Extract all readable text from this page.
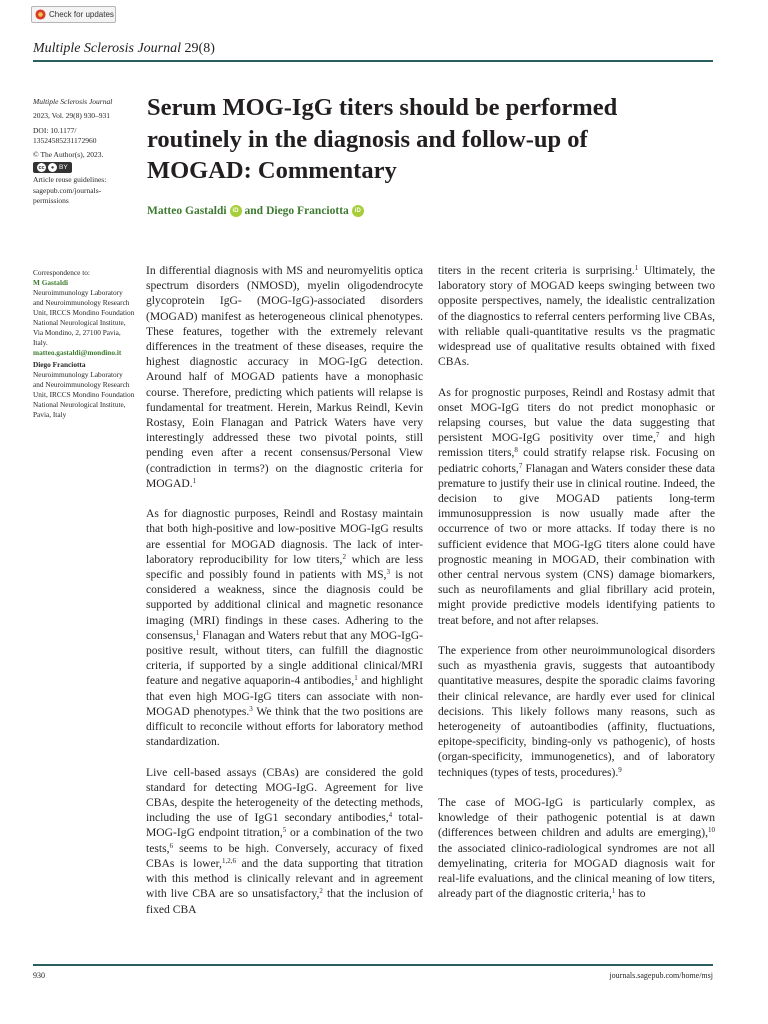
Check for updates
Multiple Sclerosis Journal 29(8)

Multiple Sclerosis Journal

2023, Vol. 29(8) 930–931

DOI: 10.1177/

13524585231172960

© The Author(s), 2023.

cc	● BY

Article reuse guidelines:

sagepub.com/journals-

permissions

Correspondence to:

M Gastaldi

Neuroimmunology Laboratory and Neuroimmunology Research Unit, IRCCS Mondino Foundation National Neurological Institute, Via Mondino, 2, 27100 Pavia, Italy.

matteo.gastaldi@mondino.it

Diego Franciotta

Neuroimmunology Laboratory and Neuroimmunology Research Unit, IRCCS Mondino Foundation National Neurological Institute, Pavia, Italy

Serum MOG-IgG titers should be performed routinely in the diagnosis and follow-up of MOGAD: Commentary
Matteo Gastaldi	iD and Diego Franciotta	iD

In differential diagnosis with MS and neuromyelitis optica spectrum disorders (NMOSD), myelin oligodendrocyte glycoprotein IgG- (MOG-IgG)-associated disorders (MOGAD) manifest as heterogeneous clinical phenotypes. These features, together with the extremely relevant differences in the treatment of these diseases, require the highest diagnostic accuracy in MOG-IgG detection. Around half of MOGAD patients have a monophasic course. Therefore, predicting which patients will relapse is fundamental for treatment. Herein, Markus Reindl, Kevin Rostasy, Eoin Flanagan and Patrick Waters have very interestingly addressed these two pivotal points, still pending even after a recent consensus/Personal View (contradiction in terms?) on the diagnostic criteria for MOGAD.$^1$

As for diagnostic purposes, Reindl and Rostasy maintain that both high-positive and low-positive MOG-IgG results are essential for MOGAD diagnosis. The lack of inter-laboratory reproducibility for low titers,$^2$ which are less specific and possibly found in patients with MS,$^3$ is not considered a weakness, since the diagnosis could be supported by additional clinical and magnetic resonance imaging (MRI) findings in these cases. Adhering to the consensus,$^1$ Flanagan and Waters rebut that any MOG-IgG-positive result, without titers, can fulfill the diagnostic criteria, if supported by a single additional clinical/MRI feature and negative aquaporin-4 antibodies,$^1$ and highlight that even high MOG-IgG titers can associate with non-MOGAD phenotypes.$^3$ We think that the two positions are difficult to reconcile without efforts for laboratory method standardization.

Live cell-based assays (CBAs) are considered the gold standard for detecting MOG-IgG. Agreement for live CBAs, despite the heterogeneity of the detecting methods, including the use of IgG1 secondary antibodies,$^4$ total-MOG-IgG endpoint titration,$^5$ or a combination of the two tests,$^6$ seems to be high. Conversely, accuracy of fixed CBAs is lower,$^{1,2,6}$ and the data supporting that titration with this method is clinically relevant and in agreement with live CBA are so unsatisfactory,$^2$ that the inclusion of fixed CBA

titers in the recent criteria is surprising.$^1$ Ultimately, the laboratory story of MOGAD keeps swinging between two opposite perspectives, namely, the idealistic centralization of the diagnostics to referral centers performing live CBAs, with reliable quali-quantitative results vs the pragmatic widespread use of qualitative results obtained with fixed CBAs.

As for prognostic purposes, Reindl and Rostasy admit that onset MOG-IgG titers do not predict monophasic or relapsing courses, but value the data suggesting that persistent MOG-IgG positivity over time,$^7$ and high remission titers,$^8$ could stratify relapse risk. Focusing on pediatric cohorts,$^7$ Flanagan and Waters consider these data premature to justify their use in clinical routine. Indeed, the decision to give MOGAD patients long-term immunosuppression is now usually made after the occurrence of two or more attacks. If today there is no sufficient evidence that MOG-IgG titers alone could have prognostic meaning in MOGAD, their combination with other central nervous system (CNS) damage biomarkers, such as neurofilaments and glial fibrillary acid protein, might provide predictive models identifying patients to treat before, and not after relapses.

The experience from other neuroimmunological disorders such as myasthenia gravis, suggests that autoantibody quantitative measures, despite the sporadic claims favoring their clinical relevance, are hardly ever used for clinical decisions. This likely follows many reasons, such as heterogeneity of autoantibodies (affinity, fluctuations, epitope-specificity, binding-only vs pathogenic), of hosts (organ-specificity, immunogenetics), and of laboratory techniques (types of tests, procedures).$^9$

The case of MOG-IgG is particularly complex, as knowledge of their pathogenic potential is at dawn (differences between children and adults are emerging),$^{10}$ the associated clinico-radiological syndromes are not all demyelinating, criteria for MOGAD diagnosis wait for real-life evaluations, and the clinical meaning of low titers, already part of the diagnostic criteria,$^1$ has to

930	journals.sagepub.com/home/msj
